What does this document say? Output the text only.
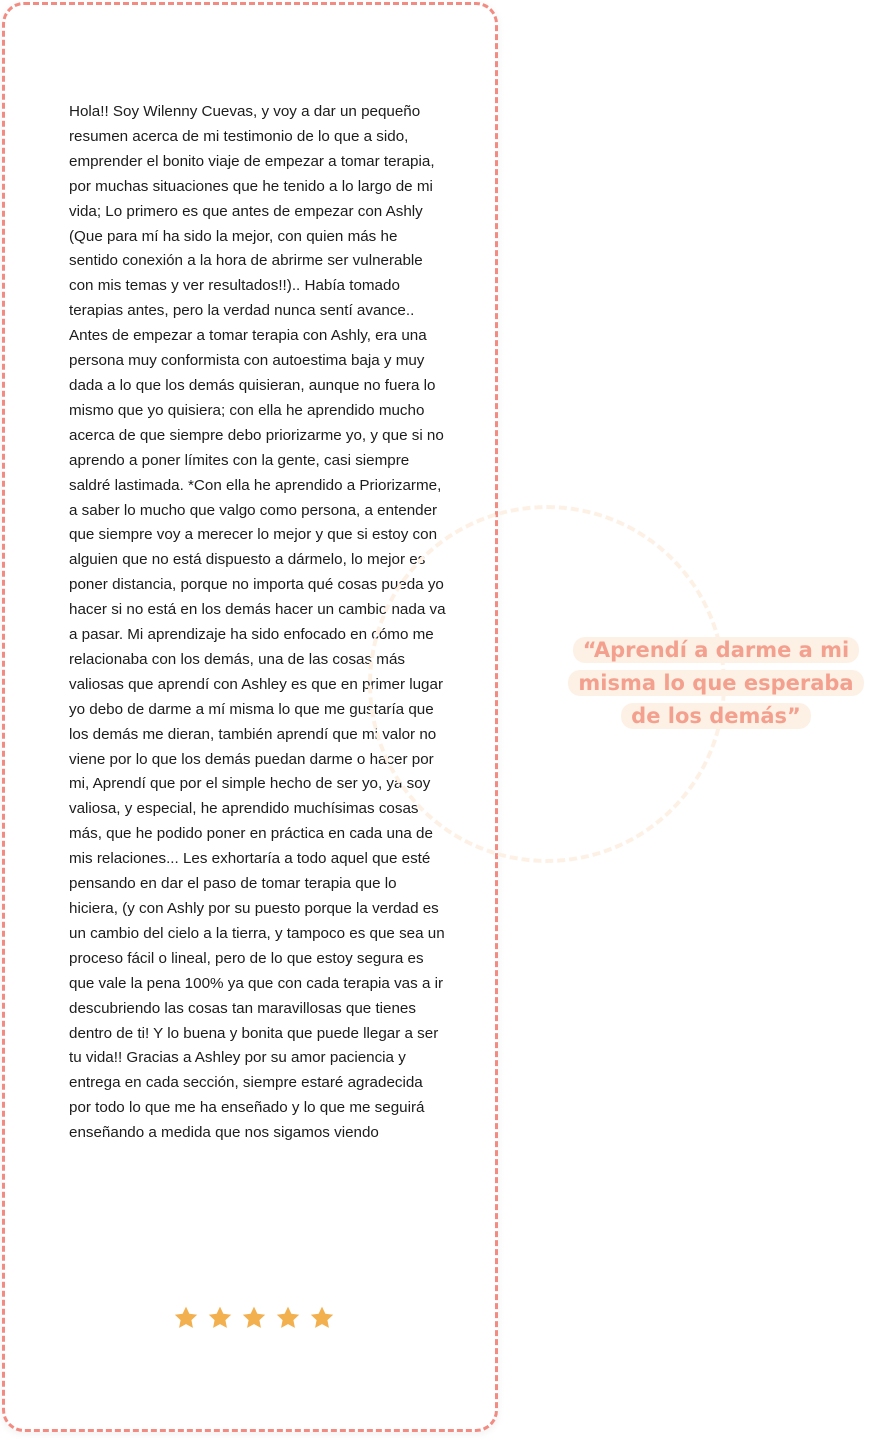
Hola!! Soy Wilenny Cuevas, y voy a dar un pequeño resumen acerca de mi testimonio de lo que a sido, emprender el bonito viaje de empezar a tomar terapia, por muchas situaciones que he tenido a lo largo de mi vida; Lo primero es que antes de empezar con Ashly (Que para mí ha sido la mejor, con quien más he sentido conexión a la hora de abrirme ser vulnerable con mis temas y ver resultados!!).. Había tomado terapias antes, pero la verdad nunca sentí avance..
Antes de empezar a tomar terapia con Ashly, era una persona muy conformista con autoestima baja y muy dada a lo que los demás quisieran, aunque no fuera lo mismo que yo quisiera; con ella he aprendido mucho acerca de que siempre debo priorizarme yo, y que si no aprendo a poner límites con la gente, casi siempre saldré lastimada. *Con ella he aprendido a Priorizarme, a saber lo mucho que valgo como persona, a entender que siempre voy a merecer lo mejor y que si estoy con alguien que no está dispuesto a dármelo, lo mejor es poner distancia, porque no importa qué cosas pueda yo hacer si no está en los demás hacer un cambio nada va a pasar. Mi aprendizaje ha sido enfocado en cómo me relacionaba con los demás, una de las cosas más valiosas que aprendí con Ashley es que en primer lugar yo debo de darme a mí misma lo que me gustaría que los demás me dieran, también aprendí que mi valor no viene por lo que los demás puedan darme o hacer por mi, Aprendí que por el simple hecho de ser yo, ya soy valiosa, y especial, he aprendido muchísimas cosas más, que he podido poner en práctica en cada una de mis relaciones... Les exhortaría a todo aquel que esté pensando en dar el paso de tomar terapia que lo hiciera, (y con Ashly por su puesto porque la verdad es un cambio del cielo a la tierra, y tampoco es que sea un proceso fácil o lineal, pero de lo que estoy segura es que vale la pena 100% ya que con cada terapia vas a ir descubriendo las cosas tan maravillosas que tienes dentro de ti! Y lo buena y bonita que puede llegar a ser tu vida!! Gracias a Ashley por su amor paciencia y entrega en cada sección, siempre estaré agradecida por todo lo que me ha enseñado y lo que me seguirá enseñando a medida que nos sigamos viendo

“Aprendí a darme a mi misma lo que esperaba de los demás”
